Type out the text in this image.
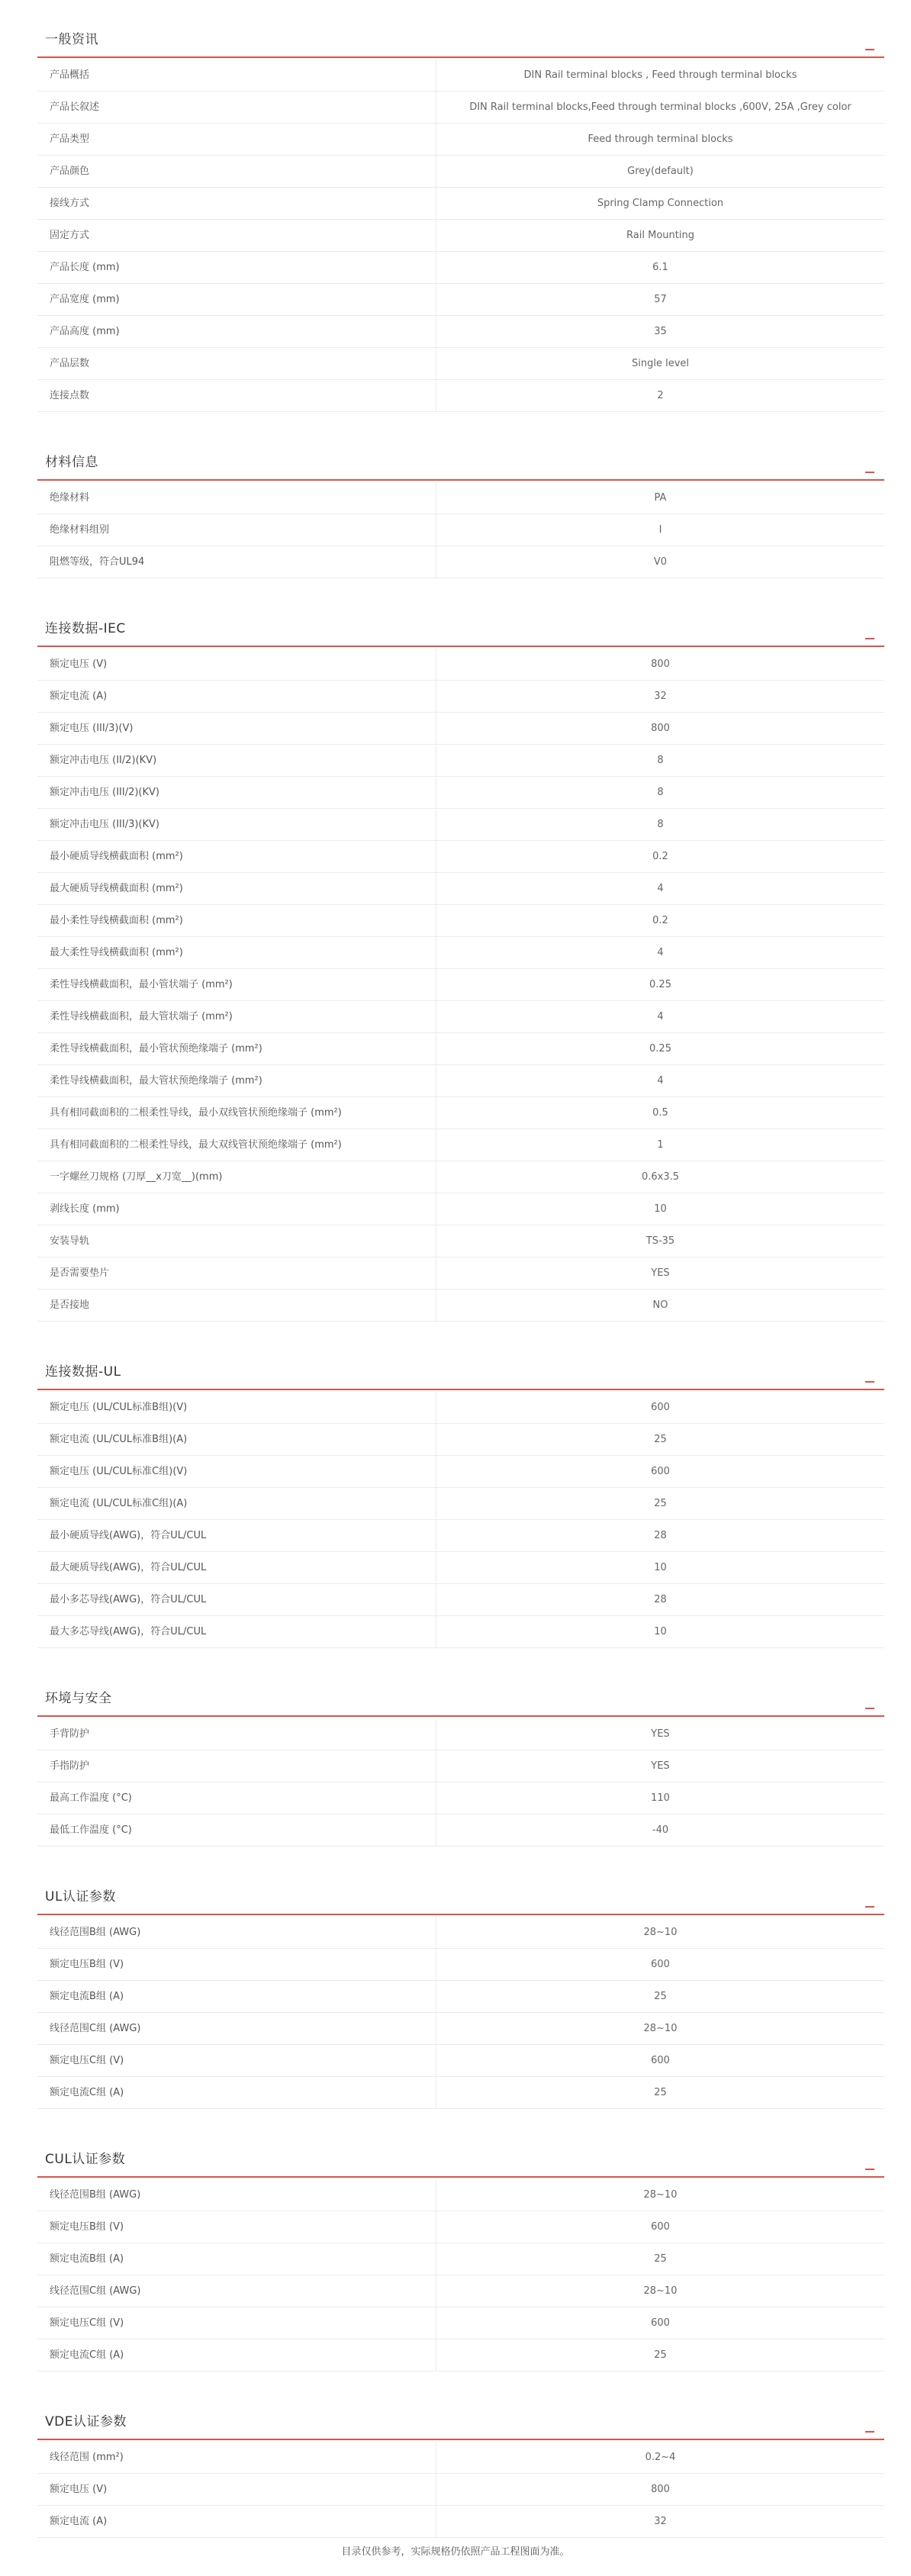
一般资讯
产品概括	DIN Rail terminal blocks , Feed through terminal blocks
产品长叙述	DIN Rail terminal blocks,Feed through terminal blocks ,600V, 25A ,Grey color
产品类型	Feed through terminal blocks
产品颜色	Grey(default)
接线方式	Spring Clamp Connection
固定方式	Rail Mounting
产品长度 (mm)	6.1
产品宽度 (mm)	57
产品高度 (mm)	35
产品层数	Single level
连接点数	2
材料信息
绝缘材料	PA
绝缘材料组别	I
阻燃等级，符合UL94	V0
连接数据-IEC
额定电压 (V)	800
额定电流 (A)	32
额定电压 (III/3)(V)	800
额定冲击电压 (II/2)(KV)	8
额定冲击电压 (III/2)(KV)	8
额定冲击电压 (III/3)(KV)	8
最小硬质导线横截面积 (mm²)	0.2
最大硬质导线横截面积 (mm²)	4
最小柔性导线横截面积 (mm²)	0.2
最大柔性导线横截面积 (mm²)	4
柔性导线横截面积，最小管状端子 (mm²)	0.25
柔性导线横截面积，最大管状端子 (mm²)	4
柔性导线横截面积，最小管状预绝缘端子 (mm²)	0.25
柔性导线横截面积，最大管状预绝缘端子 (mm²)	4
具有相同截面积的二根柔性导线，最小双线管状预绝缘端子 (mm²)	0.5
具有相同截面积的二根柔性导线，最大双线管状预绝缘端子 (mm²)	1
一字螺丝刀规格 (刀厚__x刀宽__)(mm)	0.6x3.5
剥线长度 (mm)	10
安装导轨	TS-35
是否需要垫片	YES
是否接地	NO
连接数据-UL
额定电压 (UL/CUL标准B组)(V)	600
额定电流 (UL/CUL标准B组)(A)	25
额定电压 (UL/CUL标准C组)(V)	600
额定电流 (UL/CUL标准C组)(A)	25
最小硬质导线(AWG)，符合UL/CUL	28
最大硬质导线(AWG)，符合UL/CUL	10
最小多芯导线(AWG)，符合UL/CUL	28
最大多芯导线(AWG)，符合UL/CUL	10
环境与安全
手背防护	YES
手指防护	YES
最高工作温度 (°C)	110
最低工作温度 (°C)	-40
UL认证参数
线径范围B组 (AWG)	28~10
额定电压B组 (V)	600
额定电流B组 (A)	25
线径范围C组 (AWG)	28~10
额定电压C组 (V)	600
额定电流C组 (A)	25
CUL认证参数
线径范围B组 (AWG)	28~10
额定电压B组 (V)	600
额定电流B组 (A)	25
线径范围C组 (AWG)	28~10
额定电压C组 (V)	600
额定电流C组 (A)	25
VDE认证参数
线径范围 (mm²)	0.2~4
额定电压 (V)	800
额定电流 (A)	32
目录仅供参考，实际规格仍依照产品工程图面为准。
